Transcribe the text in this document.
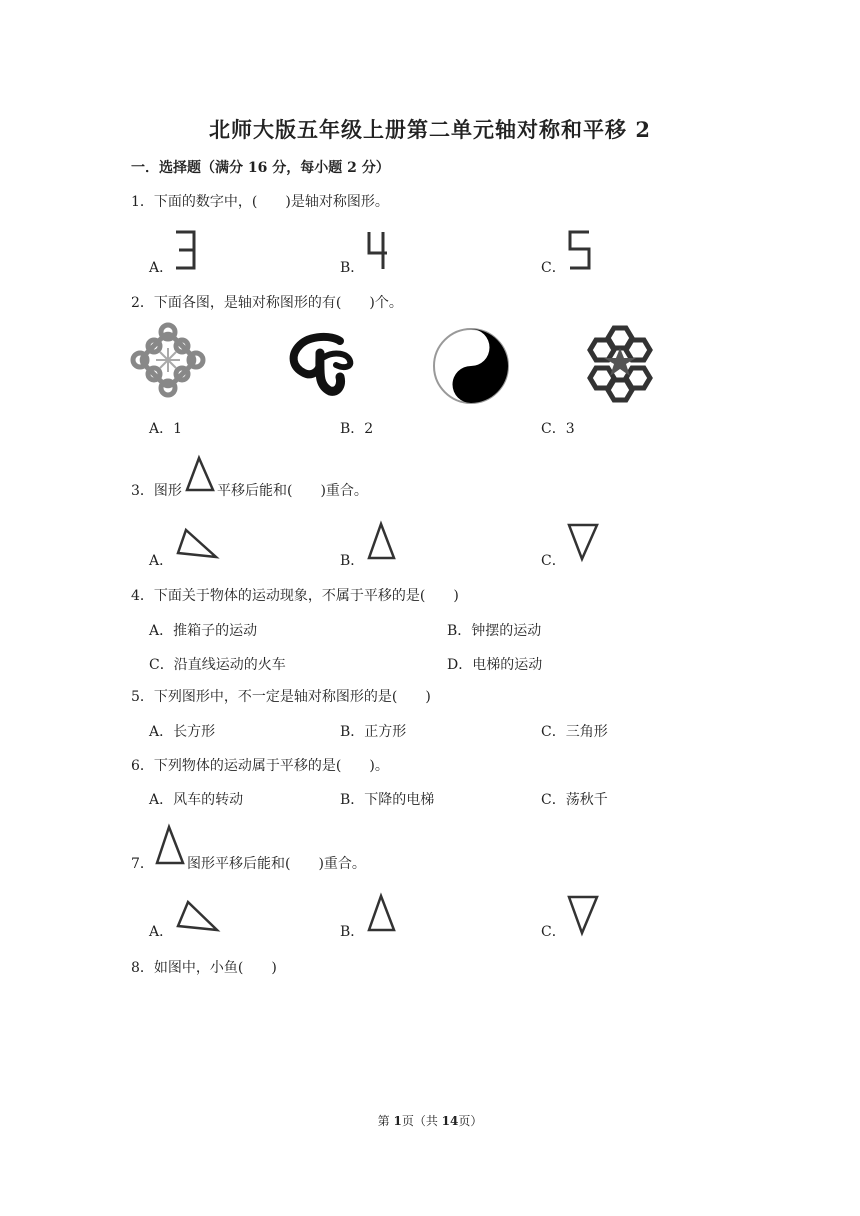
北师大版五年级上册第二单元轴对称和平移 2
一．选择题（满分 16 分，每小题 2 分）
1．下面的数字中，(　　)是轴对称图形。
A．	B．	C．
2．下面各图，是轴对称图形的有(　　)个。
A．1	B．2	C．3
3．图形	平移后能和(　　)重合。
A．	B．	C．
4．下面关于物体的运动现象，不属于平移的是(　　)
A．推箱子的运动	B．钟摆的运动
C．沿直线运动的火车	D．电梯的运动
5．下列图形中，不一定是轴对称图形的是(　　)
A．长方形	B．正方形	C．三角形
6．下列物体的运动属于平移的是(　　)。
A．风车的转动	B．下降的电梯	C．荡秋千
7． 图形平移后能和(　　)重合。
A．	B．	C．
8．如图中，小鱼(　　)
第 1页（共 14页）
